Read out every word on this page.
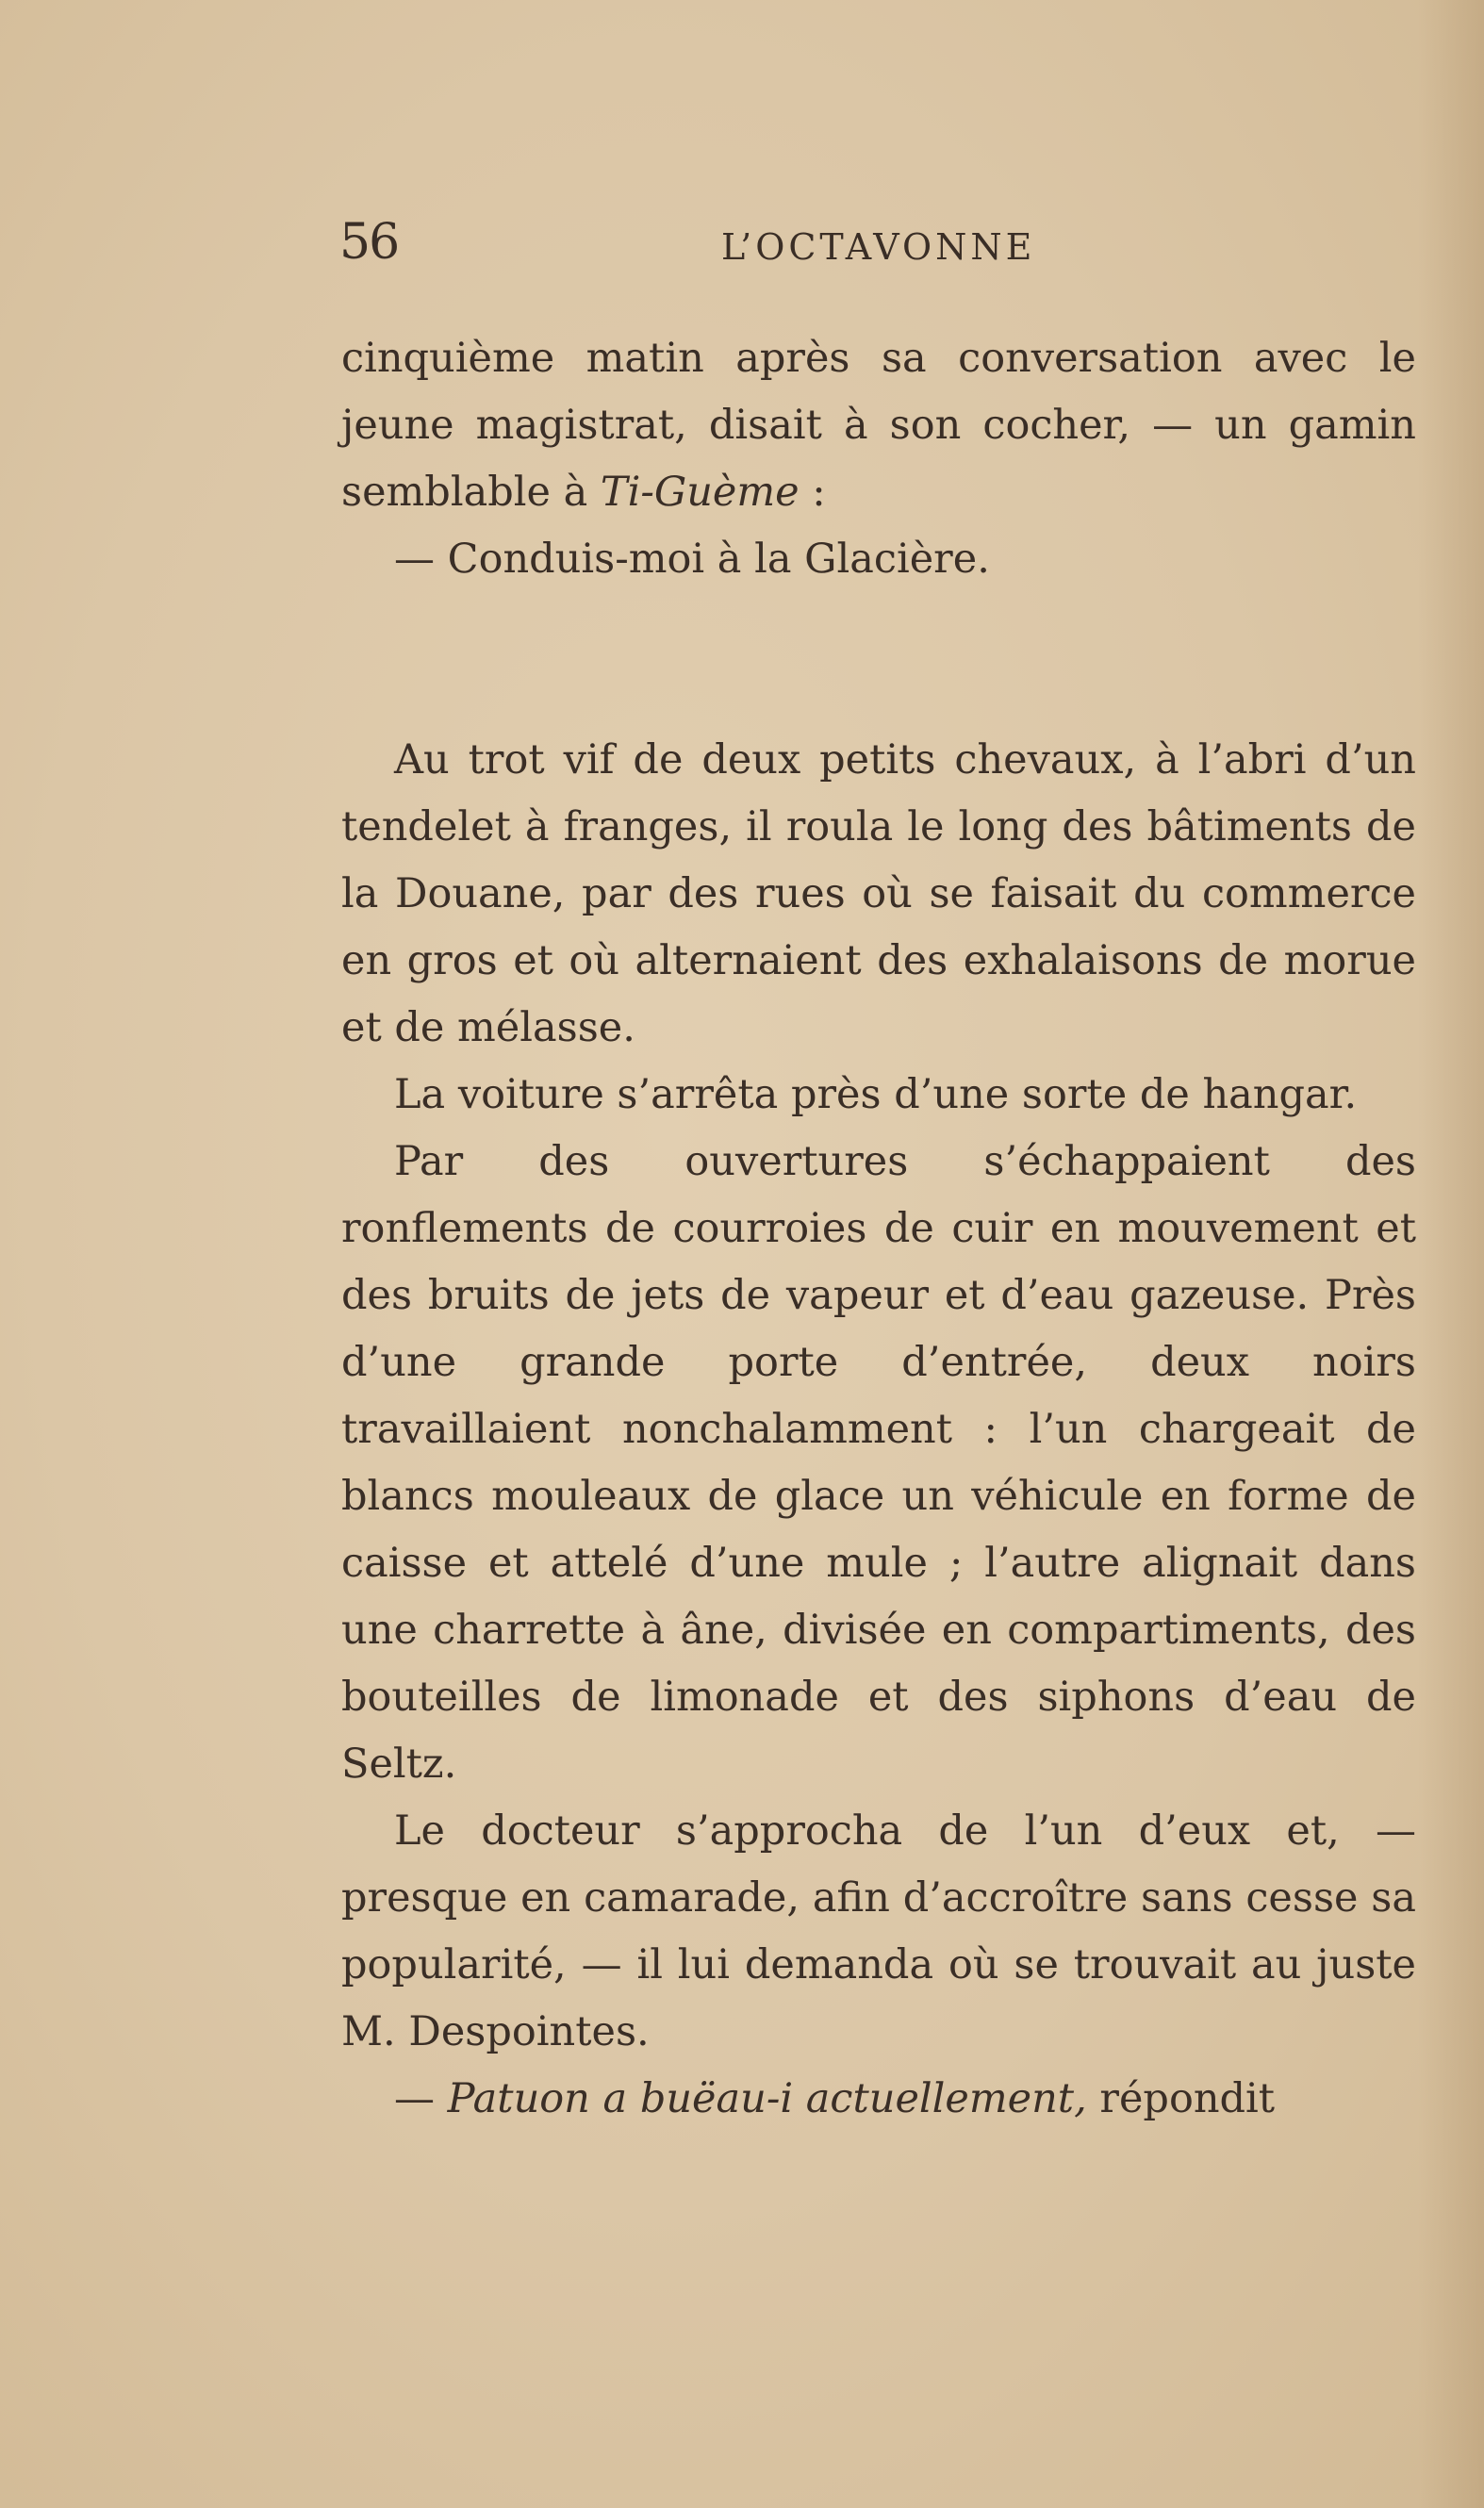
56	L’OCTAVONNE

cinquième matin après sa conversation avec le jeune magistrat, disait à son cocher, — un gamin semblable à Ti-Guème :

— Conduis-moi à la Glacière.

Au trot vif de deux petits chevaux, à l’abri d’un tendelet à franges, il roula le long des bâtiments de la Douane, par des rues où se faisait du commerce en gros et où alternaient des exhalaisons de morue et de mélasse.

La voiture s’arrêta près d’une sorte de hangar.

Par des ouvertures s’échappaient des ronflements de courroies de cuir en mouvement et des bruits de jets de vapeur et d’eau gazeuse. Près d’une grande porte d’entrée, deux noirs travaillaient nonchalamment : l’un chargeait de blancs mouleaux de glace un véhicule en forme de caisse et attelé d’une mule ; l’autre alignait dans une charrette à âne, divisée en compartiments, des bouteilles de limonade et des siphons d’eau de Seltz.

Le docteur s’approcha de l’un d’eux et, — presque en camarade, afin d’accroître sans cesse sa popularité, — il lui demanda où se trouvait au juste M. Despointes.

— Patuon a buëau-i actuellement, répondit
